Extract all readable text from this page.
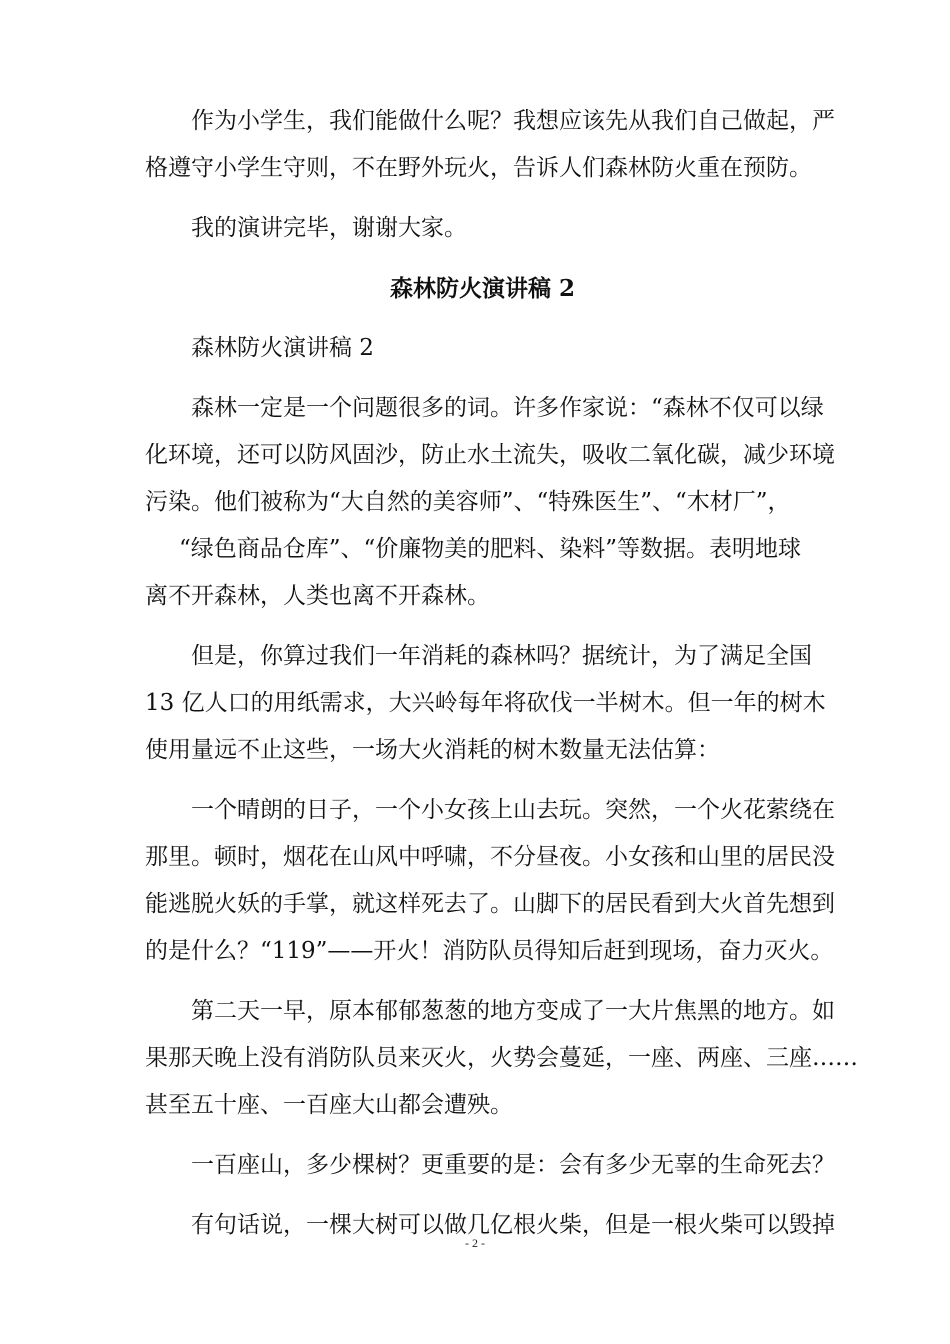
作为小学生，我们能做什么呢？我想应该先从我们自己做起，严
格遵守小学生守则，不在野外玩火，告诉人们森林防火重在预防。

我的演讲完毕，谢谢大家。

森林防火演讲稿 2

森林防火演讲稿 2

森林一定是一个问题很多的词。许多作家说：“森林不仅可以绿
化环境，还可以防风固沙，防止水土流失，吸收二氧化碳，减少环境
污染。他们被称为“大自然的美容师”、“特殊医生”、“木材厂”，
“绿色商品仓库”、“价廉物美的肥料、染料”等数据。表明地球
离不开森林，人类也离不开森林。

但是，你算过我们一年消耗的森林吗？据统计，为了满足全国
13 亿人口的用纸需求，大兴岭每年将砍伐一半树木。但一年的树木
使用量远不止这些，一场大火消耗的树木数量无法估算：

一个晴朗的日子，一个小女孩上山去玩。突然，一个火花萦绕在
那里。顿时，烟花在山风中呼啸，不分昼夜。小女孩和山里的居民没
能逃脱火妖的手掌，就这样死去了。山脚下的居民看到大火首先想到
的是什么？“119”——开火！消防队员得知后赶到现场，奋力灭火。

第二天一早，原本郁郁葱葱的地方变成了一大片焦黑的地方。如
果那天晚上没有消防队员来灭火，火势会蔓延，一座、两座、三座……
甚至五十座、一百座大山都会遭殃。

一百座山，多少棵树？更重要的是：会有多少无辜的生命死去？

有句话说，一棵大树可以做几亿根火柴，但是一根火柴可以毁掉

- 2 -
